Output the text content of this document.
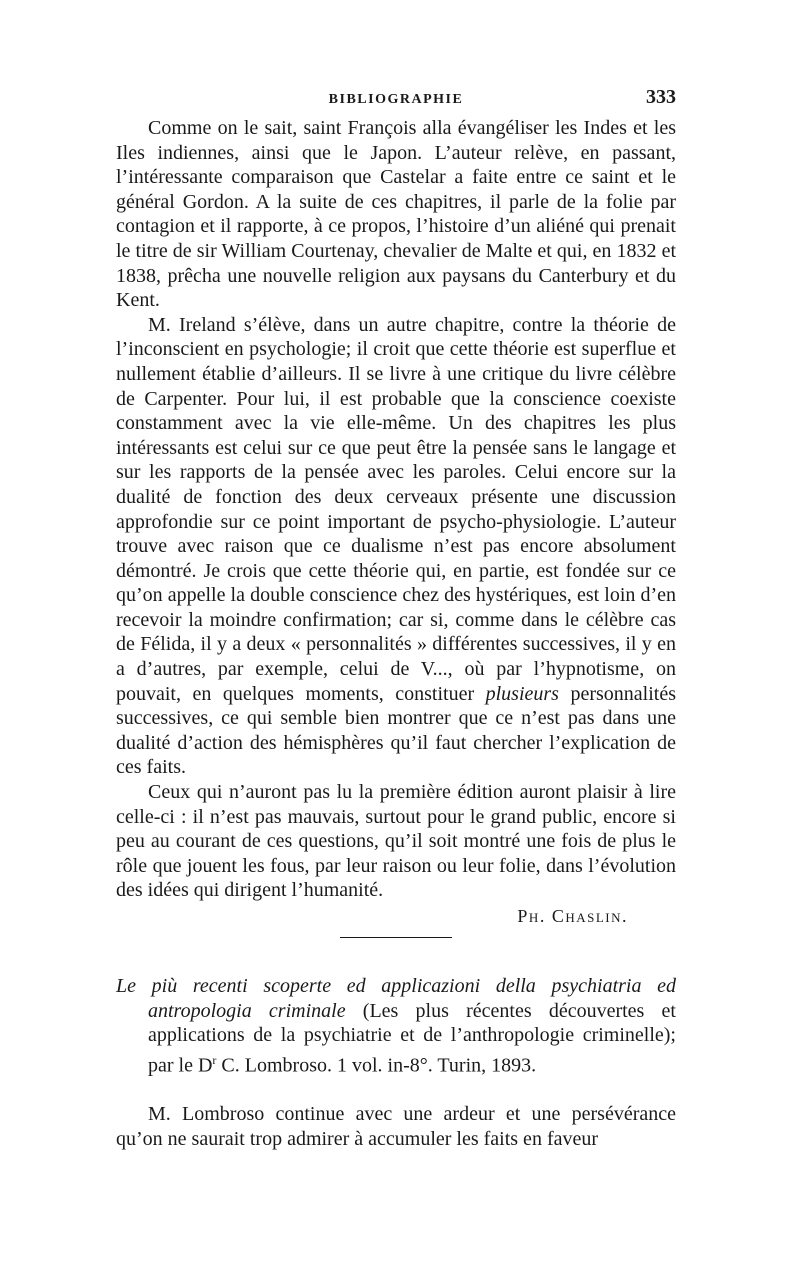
BIBLIOGRAPHIE	333

Comme on le sait, saint François alla évangéliser les Indes et les Iles indiennes, ainsi que le Japon. L’auteur relève, en passant, l’intéressante comparaison que Castelar a faite entre ce saint et le général Gordon. A la suite de ces chapitres, il parle de la folie par contagion et il rapporte, à ce propos, l’histoire d’un aliéné qui prenait le titre de sir William Courtenay, chevalier de Malte et qui, en 1832 et 1838, prêcha une nouvelle religion aux paysans du Canterbury et du Kent.

M. Ireland s’élève, dans un autre chapitre, contre la théorie de l’inconscient en psychologie; il croit que cette théorie est superflue et nullement établie d’ailleurs. Il se livre à une critique du livre célèbre de Carpenter. Pour lui, il est probable que la conscience coexiste constamment avec la vie elle-même. Un des chapitres les plus intéressants est celui sur ce que peut être la pensée sans le langage et sur les rapports de la pensée avec les paroles. Celui encore sur la dualité de fonction des deux cerveaux présente une discussion approfondie sur ce point important de psycho-physiologie. L’auteur trouve avec raison que ce dualisme n’est pas encore absolument démontré. Je crois que cette théorie qui, en partie, est fondée sur ce qu’on appelle la double conscience chez des hystériques, est loin d’en recevoir la moindre confirmation; car si, comme dans le célèbre cas de Félida, il y a deux « personnalités » différentes successives, il y en a d’autres, par exemple, celui de V..., où par l’hypnotisme, on pouvait, en quelques moments, constituer plusieurs personnalités successives, ce qui semble bien montrer que ce n’est pas dans une dualité d’action des hémisphères qu’il faut chercher l’explication de ces faits.

Ceux qui n’auront pas lu la première édition auront plaisir à lire celle-ci : il n’est pas mauvais, surtout pour le grand public, encore si peu au courant de ces questions, qu’il soit montré une fois de plus le rôle que jouent les fous, par leur raison ou leur folie, dans l’évolution des idées qui dirigent l’humanité.

Ph. Chaslin.

Le più recenti scoperte ed applicazioni della psychiatria ed antropologia criminale (Les plus récentes découvertes et applications de la psychiatrie et de l’anthropologie criminelle); par le $D^r$ C. Lombroso. 1 vol. in-8°. Turin, 1893.

M. Lombroso continue avec une ardeur et une persévérance qu’on ne saurait trop admirer à accumuler les faits en faveur
